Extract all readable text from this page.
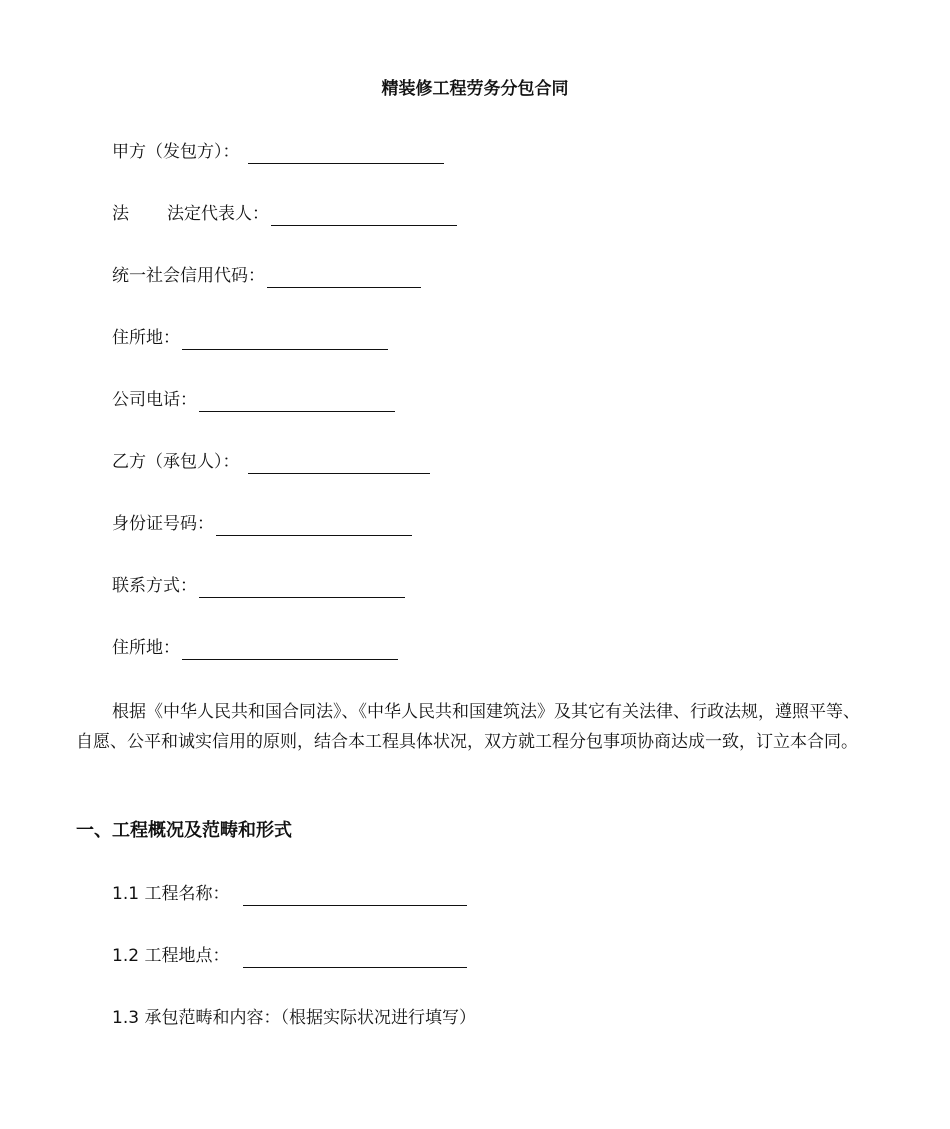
精装修工程劳务分包合同
甲方（发包方）：
法 法定代表人：
统一社会信用代码：
住所地：
公司电话：
乙方（承包人）：
身份证号码：
联系方式：
住所地：
根据《中华人民共和国合同法》、《中华人民共和国建筑法》及其它有关法律、行政法规，遵照平等、自愿、公平和诚实信用的原则，结合本工程具体状况，双方就工程分包事项协商达成一致，订立本合同。
一、工程概况及范畴和形式
1.1 工程名称：
1.2 工程地点：
1.3 承包范畴和内容：（根据实际状况进行填写）
